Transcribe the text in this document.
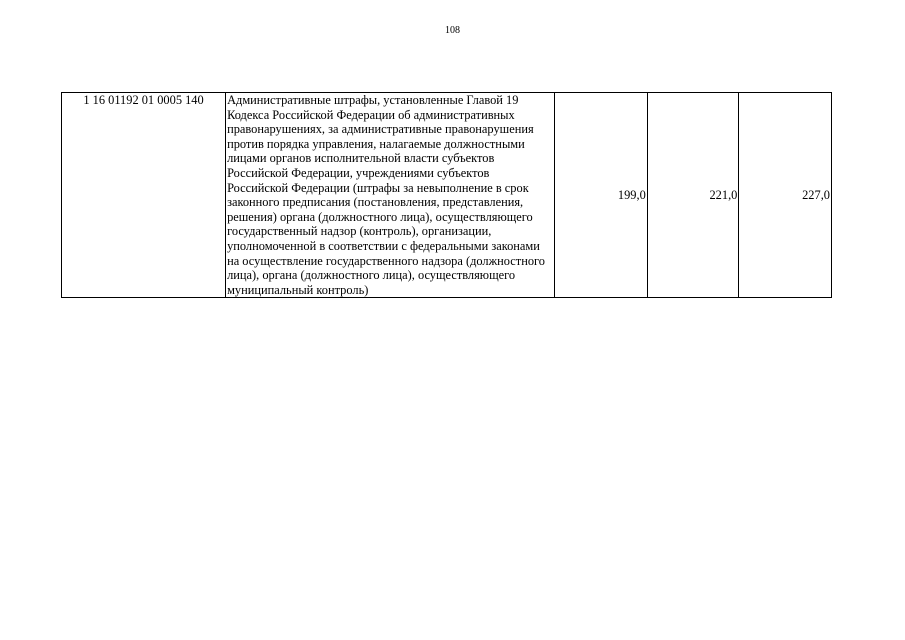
108
1 16 01192 01 0005 140	Административные штрафы, установленные Главой 19 Кодекса Российской Федерации об административных правонарушениях, за административные правонарушения против порядка управления, налагаемые должностными лицами органов исполнительной власти субъектов Российской Федерации, учреждениями субъектов Российской Федерации (штрафы за невыполнение в срок законного предписания (постановления, представления, решения) органа (должностного лица), осуществляющего государственный надзор (контроль), организации, уполномоченной в соответствии с федеральными законами на осуществление государственного надзора (должностного лица), органа (должностного лица), осуществляющего муниципальный контроль)	199,0	221,0	227,0
